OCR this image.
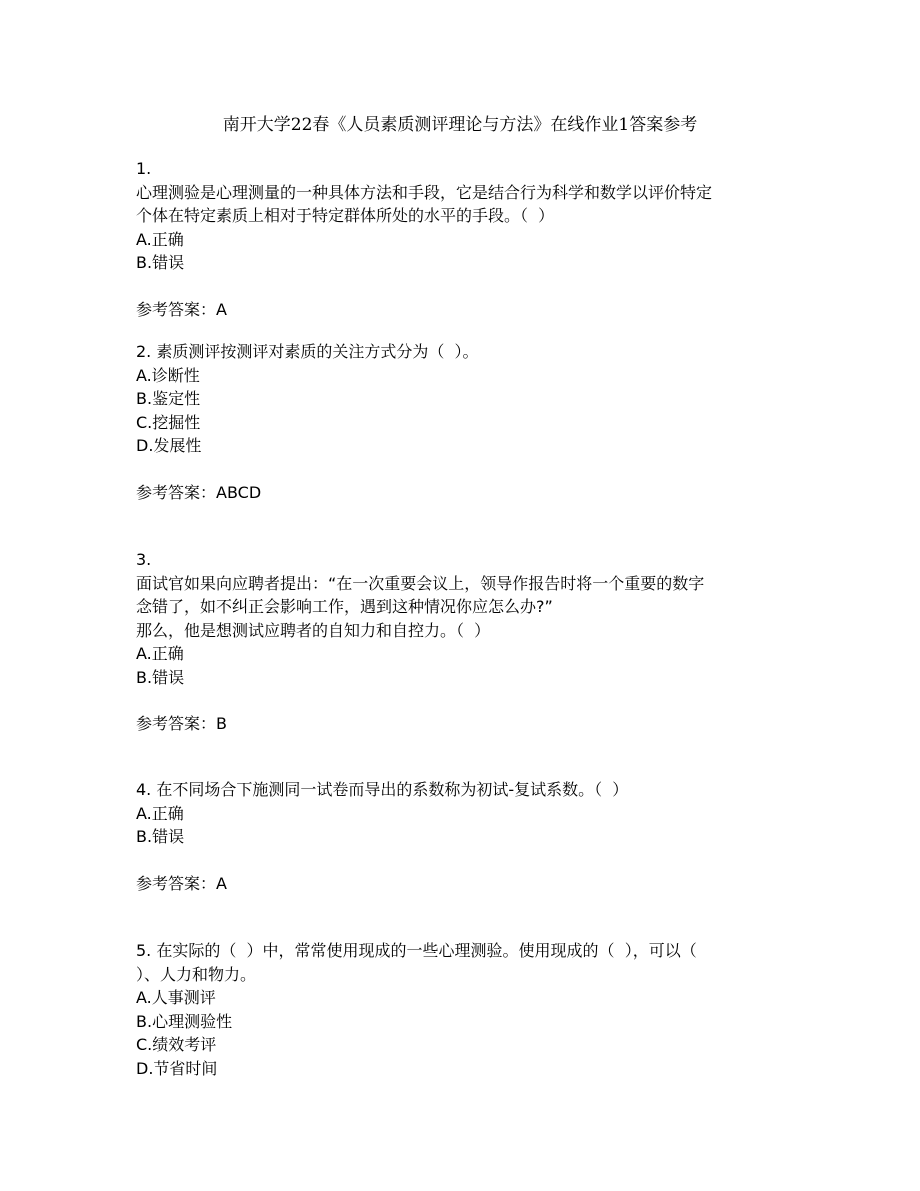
南开大学22春《人员素质测评理论与方法》在线作业1答案参考
1.
心理测验是心理测量的一种具体方法和手段，它是结合行为科学和数学以评价特定
个体在特定素质上相对于特定群体所处的水平的手段。（  ）
A.正确
B.错误
参考答案：A
2. 素质测评按测评对素质的关注方式分为（  ）。
A.诊断性
B.鉴定性
C.挖掘性
D.发展性
参考答案：ABCD
3.
面试官如果向应聘者提出：“在一次重要会议上，领导作报告时将一个重要的数字
念错了，如不纠正会影响工作，遇到这种情况你应怎么办?”
那么，他是想测试应聘者的自知力和自控力。（  ）
A.正确
B.错误
参考答案：B
4. 在不同场合下施测同一试卷而导出的系数称为初试-复试系数。（  ）
A.正确
B.错误
参考答案：A
5. 在实际的（  ）中，常常使用现成的一些心理测验。使用现成的（  ），可以（
）、人力和物力。
A.人事测评
B.心理测验性
C.绩效考评
D.节省时间
